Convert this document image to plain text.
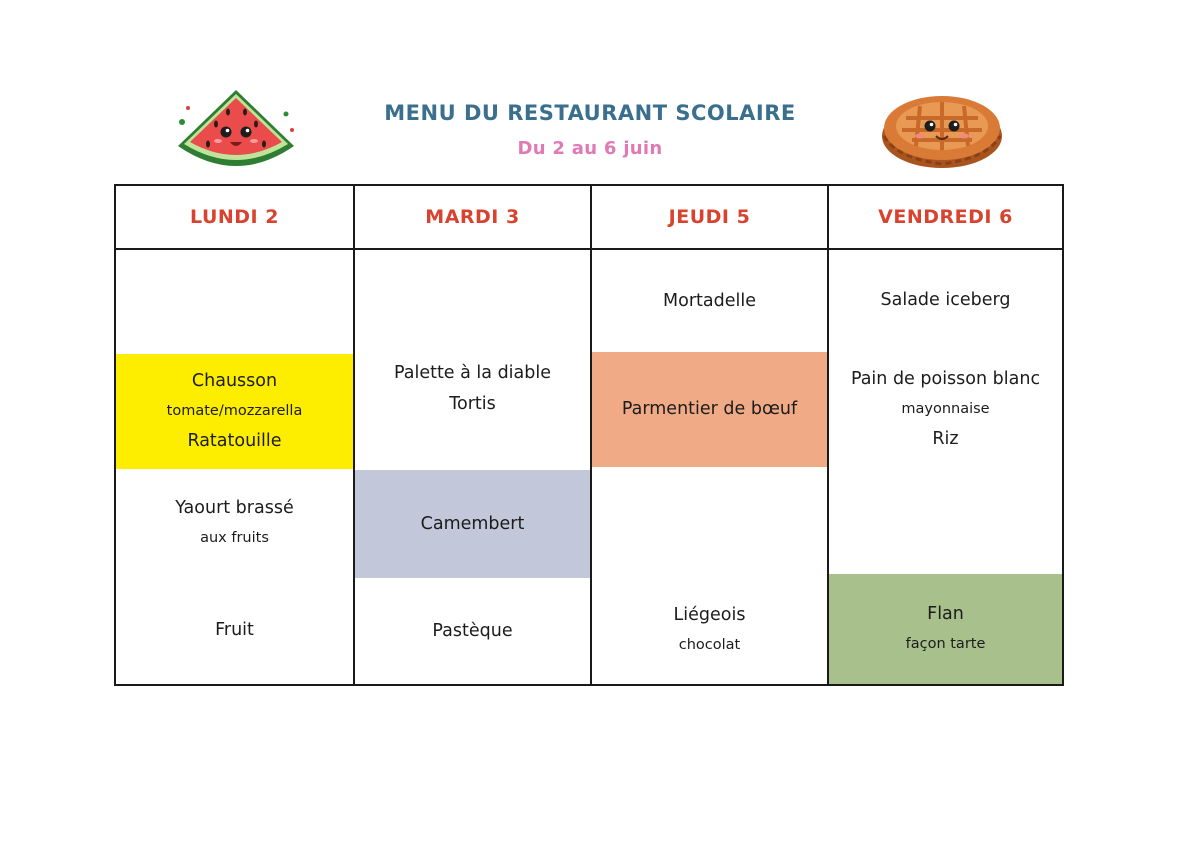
MENU DU RESTAURANT SCOLAIRE
Du 2 au 6 juin
LUNDI 2
Chausson
tomate/mozzarella
Ratatouille
Yaourt brassé
aux fruits
Fruit
MARDI 3
Palette à la diable
Tortis
Camembert
Pastèque
JEUDI 5
Mortadelle
Parmentier de bœuf
Liégeois
chocolat
VENDREDI 6
Salade iceberg
Pain de poisson blanc
mayonnaise
Riz
Flan
façon tarte
